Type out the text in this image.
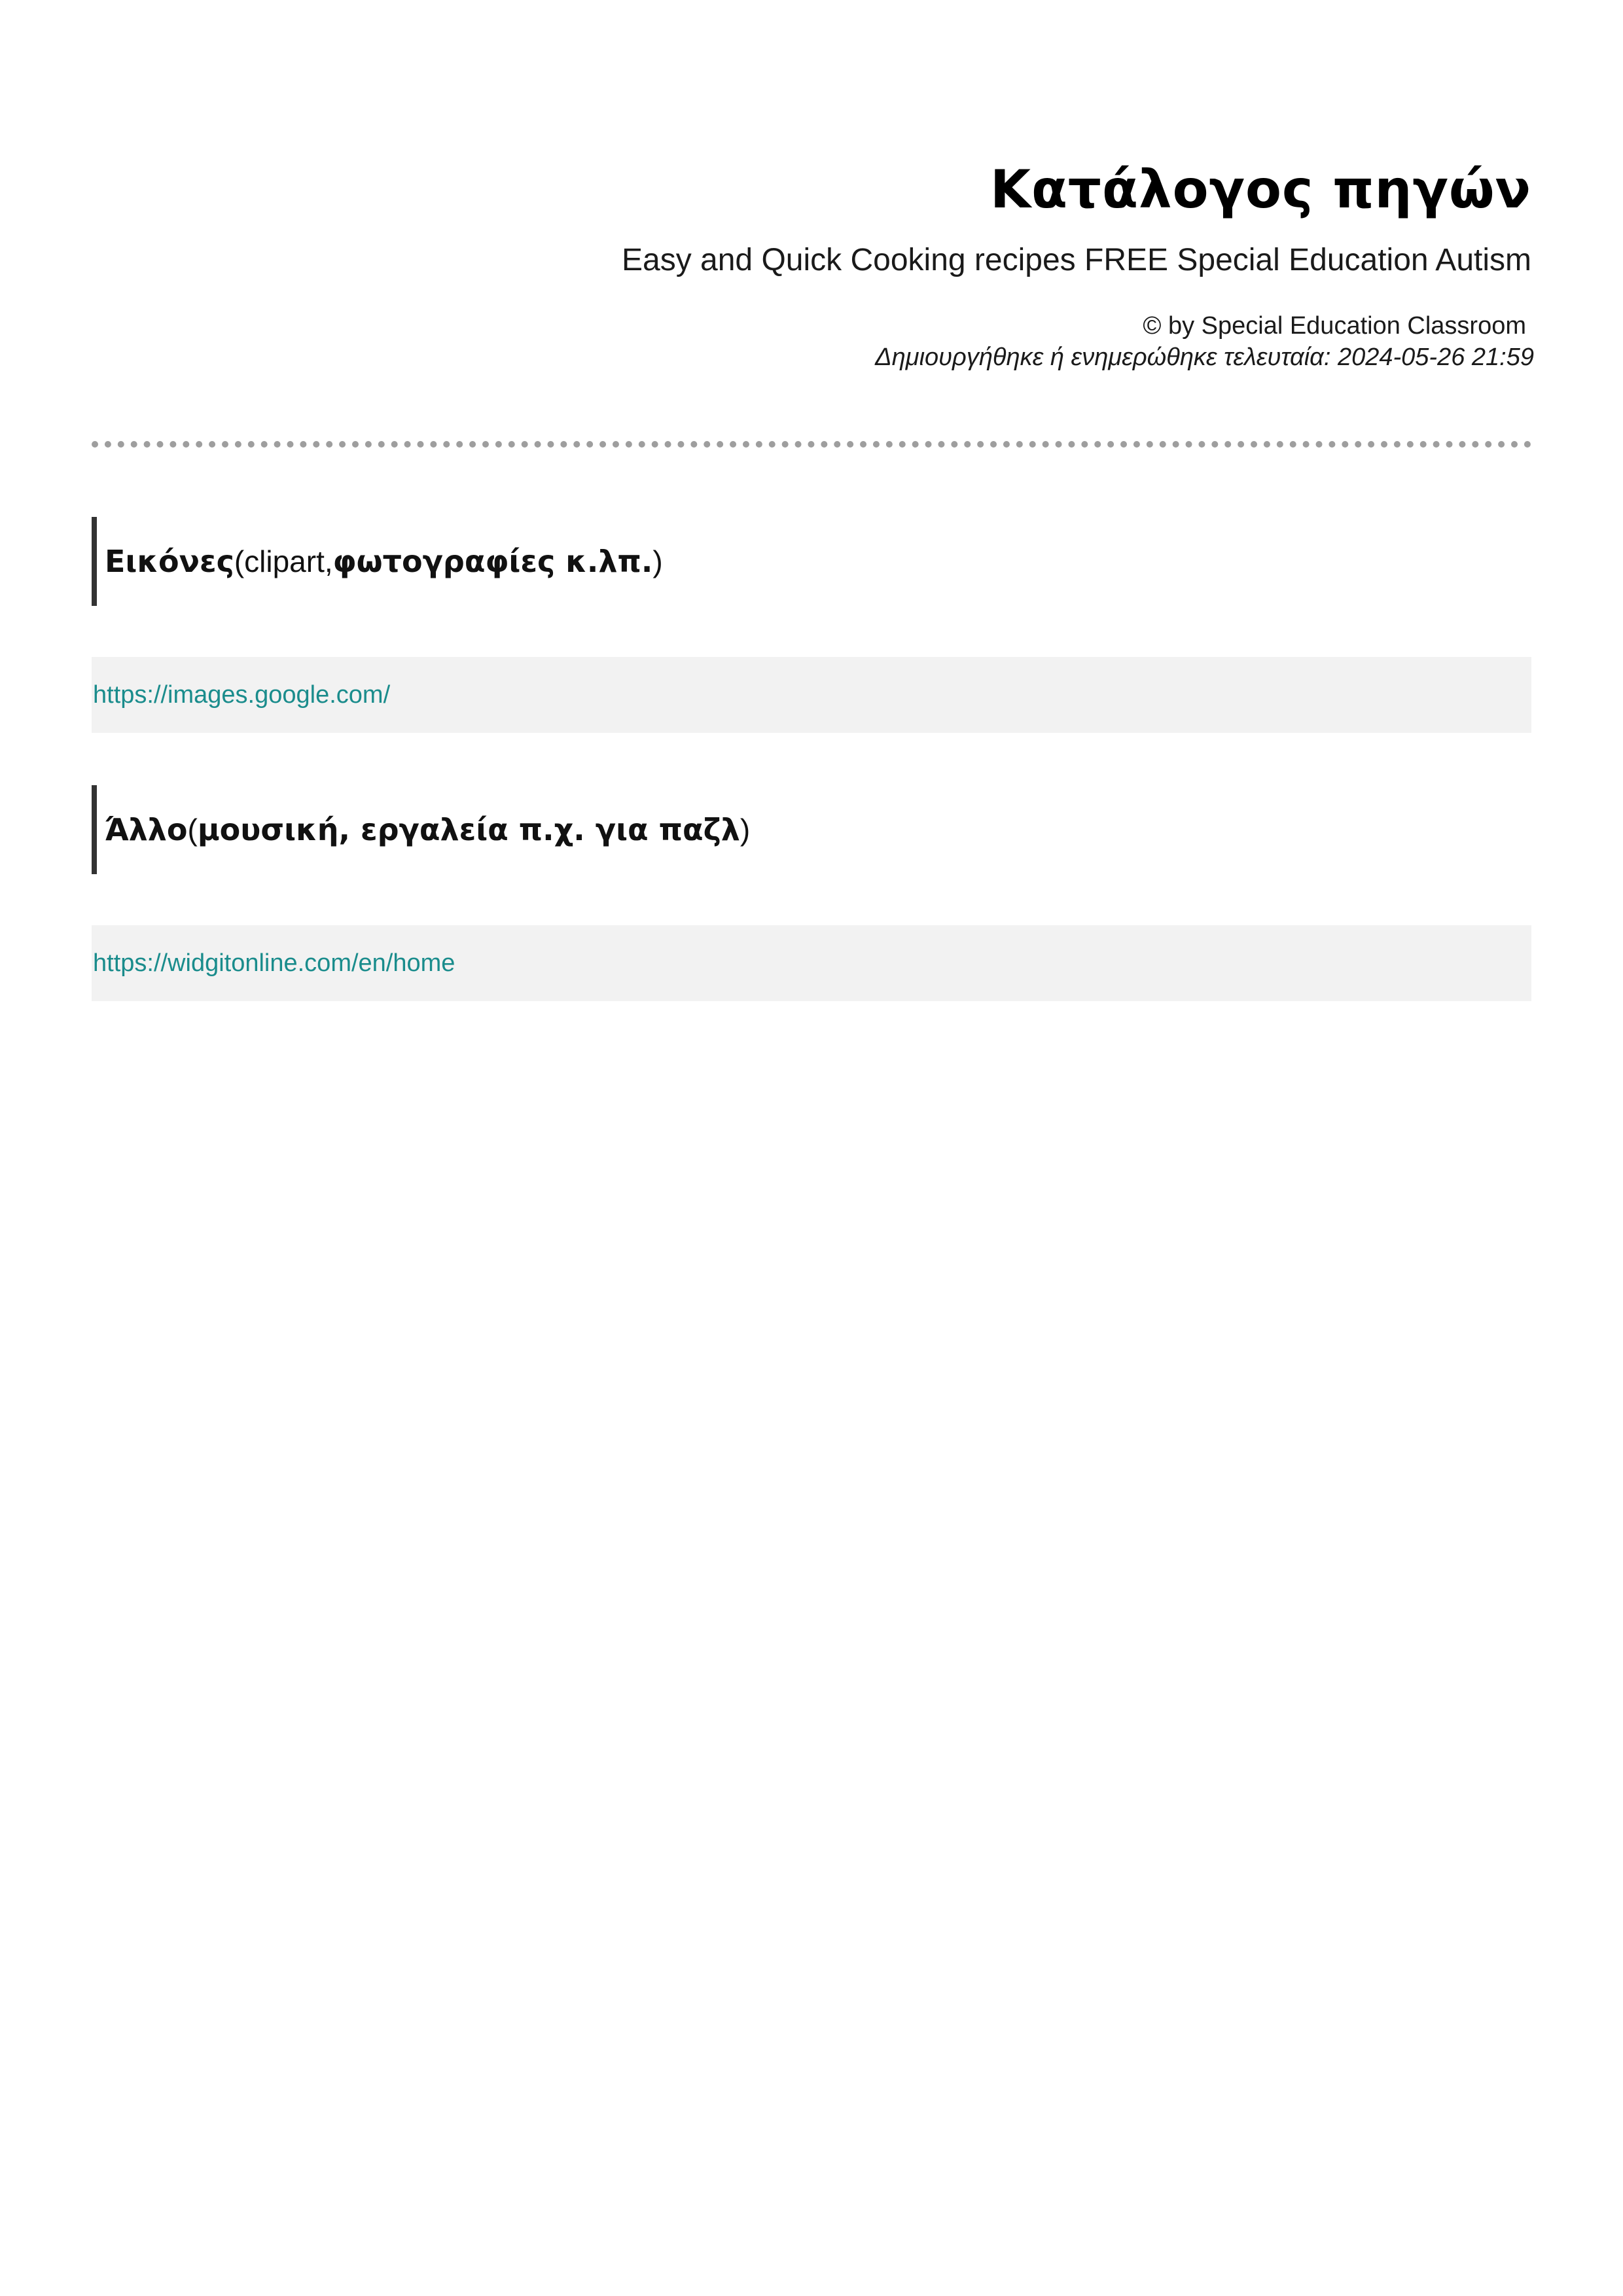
Κατάλογος πηγών
Easy and Quick Cooking recipes FREE Special Education Autism
© by Special Education Classroom
Δημιουργήθηκε ή ενημερώθηκε τελευταία: 2024-05-26 21:59
Εικόνες (clipart, φωτογραφίες κ.λπ. )
https://images.google.com/
Άλλο ( μουσική, εργαλεία π.χ. για παζλ )
https://widgitonline.com/en/home
